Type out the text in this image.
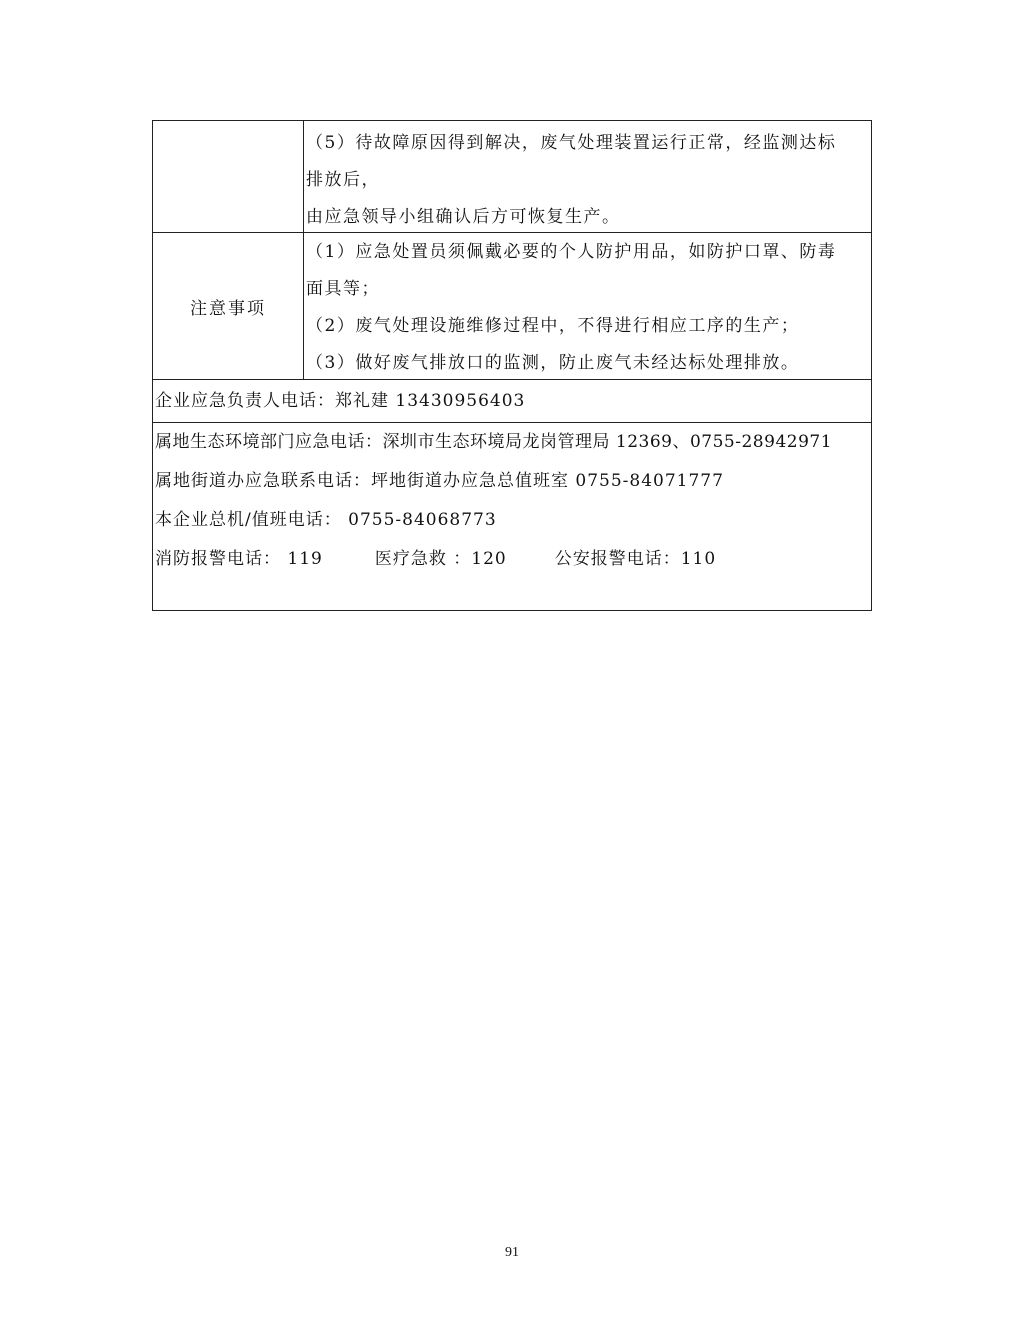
（5）待故障原因得到解决，废气处理装置运行正常，经监测达标
排放后，
由应急领导小组确认后方可恢复生产。
注意事项
（1）应急处置员须佩戴必要的个人防护用品，如防护口罩、防毒
面具等；
（2）废气处理设施维修过程中，不得进行相应工序的生产；
（3）做好废气排放口的监测，防止废气未经达标处理排放。
企业应急负责人电话：郑礼建 13430956403
属地生态环境部门应急电话：深圳市生态环境局龙岗管理局 12369、0755-28942971
属地街道办应急联系电话：坪地街道办应急总值班室 0755-84071777
本企业总机/值班电话： 0755-84068773
消防报警电话： 119	医疗急救 ：120	公安报警电话：110
91
